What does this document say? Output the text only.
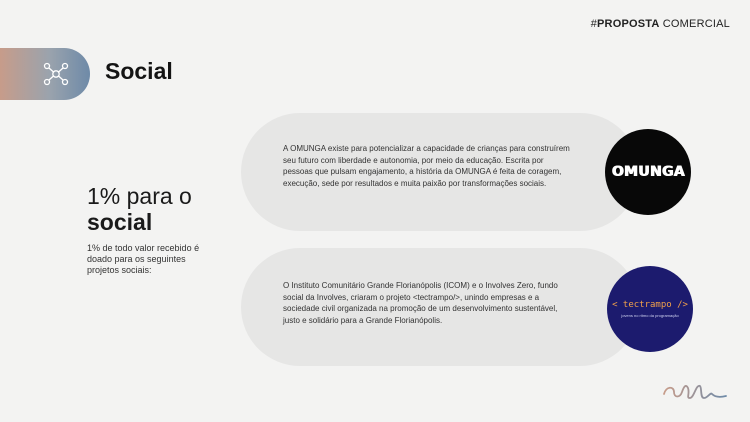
#PROPOSTA COMERCIAL
Social
1% para o
social
1% de todo valor recebido é doado para os seguintes projetos sociais:
A OMUNGA existe para potencializar a capacidade de crianças para construírem seu futuro com liberdade e autonomia, por meio da educação. Escrita por pessoas que pulsam engajamento, a história da OMUNGA é feita de coragem, execução, sede por resultados e muita paixão por transformações sociais.
OMUNGA
O Instituto Comunitário Grande Florianópolis (ICOM) e o Involves Zero, fundo social da Involves, criaram o projeto <tectrampo/>, unindo empresas e a sociedade civil organizada na promoção de um desenvolvimento sustentável, justo e solidário para a Grande Florianópolis.
< tectrampo />
jovens no ritmo da programação
